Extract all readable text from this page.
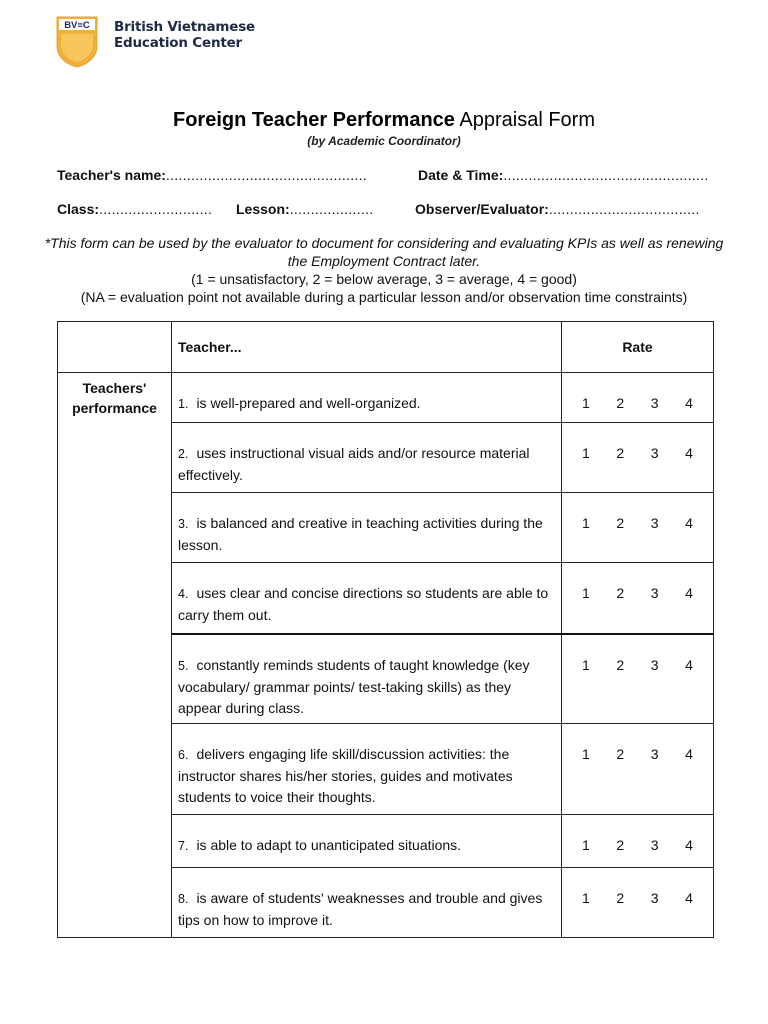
BV≡C British Vietnamese
Education Center
Foreign Teacher Performance Appraisal Form
(by Academic Coordinator)
Teacher's name:................................................	Date & Time:.................................................
Class:........................... Lesson:....................	Observer/Evaluator:....................................
*This form can be used by the evaluator to document for considering and evaluating KPIs as well as renewing the Employment Contract later.
(1 = unsatisfactory, 2 = below average, 3 = average, 4 = good)
(NA = evaluation point not available during a particular lesson and/or observation time constraints)
	Teacher...	Rate
Teachers' performance	1. is well-prepared and well-organized.	1 2 3 4

	2. uses instructional visual aids and/or resource material effectively.	1 2 3 4

	3. is balanced and creative in teaching activities during the lesson.	1 2 3 4

	4. uses clear and concise directions so students are able to carry them out.	1 2 3 4

	5. constantly reminds students of taught knowledge (key vocabulary/ grammar points/ test-taking skills) as they appear during class.	1 2 3 4

	6. delivers engaging life skill/discussion activities: the instructor shares his/her stories, guides and motivates students to voice their thoughts.	1 2 3 4

	7. is able to adapt to unanticipated situations.	1 2 3 4

	8. is aware of students' weaknesses and trouble and gives tips on how to improve it.	1 2 3 4
